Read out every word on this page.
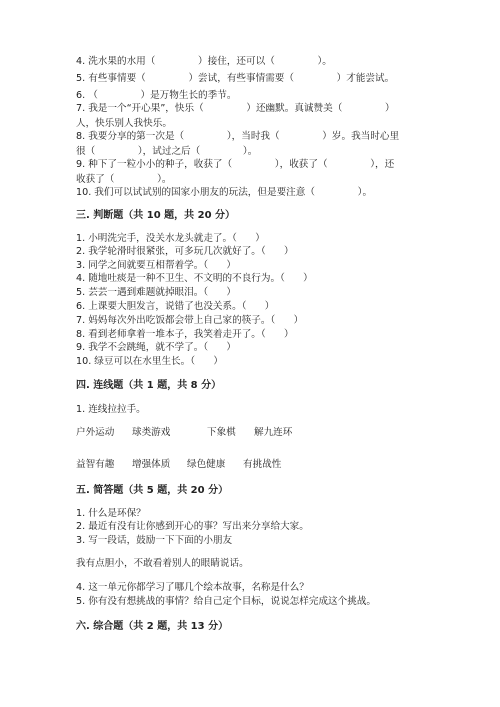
4. 洗水果的水用（              ）接住，还可以（              ）。
5. 有些事情要（              ）尝试，有些事情需要（              ）才能尝试。
6. （              ）是万物生长的季节。
7. 我是一个“开心果”，快乐（              ）还幽默。真诚赞美（              ）
人，快乐别人我快乐。
8. 我要分享的第一次是（              ），当时我（              ）岁。我当时心里
很（              ），试过之后（              ）。
9. 种下了一粒小小的种子，收获了（              ），收获了（              ），还
收获了（              ）。
10. 我们可以试试别的国家小朋友的玩法，但是要注意（              ）。
三. 判断题（共 10 题，共 20 分）
1. 小明洗完手，没关水龙头就走了。（      ）
2. 我学轮滑时很紧张，可多玩几次就好了。（      ）
3. 同学之间就要互相帮着学。（      ）
4. 随地吐痰是一种不卫生、不文明的不良行为。（      ）
5. 芸芸一遇到难题就掉眼泪。（      ）
6. 上课要大胆发言，说错了也没关系。（      ）
7. 妈妈每次外出吃饭都会带上自己家的筷子。（      ）
8. 看到老师拿着一堆本子，我笑着走开了。（      ）
9. 我学不会跳绳，就不学了。（      ）
10. 绿豆可以在水里生长。（      ）
四. 连线题（共 1 题，共 8 分）
1. 连线拉拉手。
户外运动 球类游戏	下象棋 解九连环
益智有趣 增强体质 绿色健康 有挑战性
五. 简答题（共 5 题，共 20 分）
1. 什么是环保？
2. 最近有没有让你感到开心的事？写出来分享给大家。
3. 写一段话，鼓励一下下面的小朋友
我有点胆小，不敢看着别人的眼睛说话。
4. 这一单元你都学习了哪几个绘本故事，名称是什么？
5. 你有没有想挑战的事情？给自己定个目标，说说怎样完成这个挑战。
六. 综合题（共 2 题，共 13 分）
